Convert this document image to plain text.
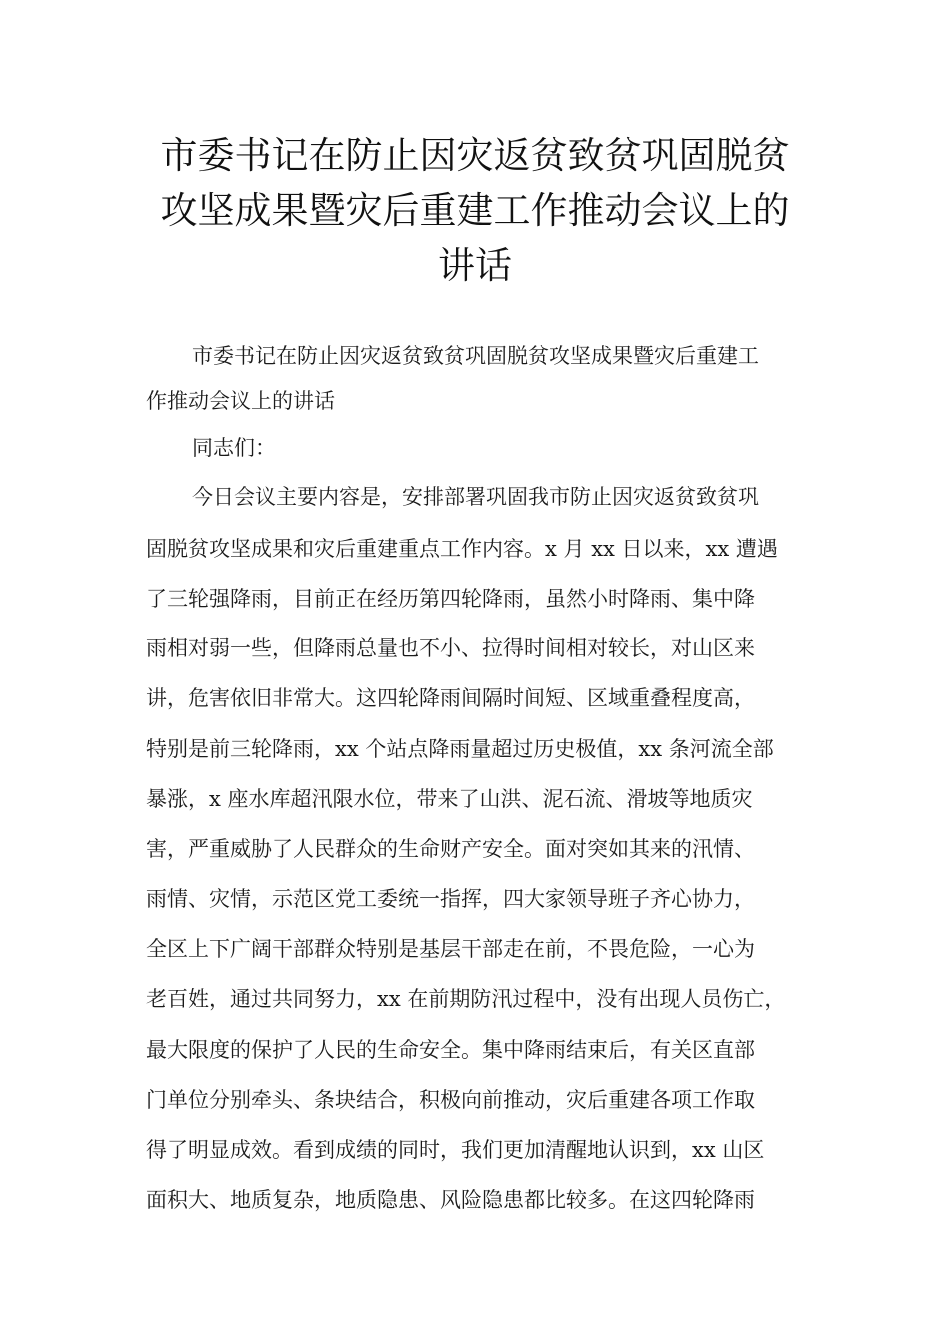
市委书记在防止因灾返贫致贫巩固脱贫
攻坚成果暨灾后重建工作推动会议上的
讲话
市委书记在防止因灾返贫致贫巩固脱贫攻坚成果暨灾后重建工
作推动会议上的讲话
同志们：
今日会议主要内容是，安排部署巩固我市防止因灾返贫致贫巩
固脱贫攻坚成果和灾后重建重点工作内容。x 月 xx 日以来，xx 遭遇
了三轮强降雨，目前正在经历第四轮降雨，虽然小时降雨、集中降
雨相对弱一些，但降雨总量也不小、拉得时间相对较长，对山区来
讲，危害依旧非常大。这四轮降雨间隔时间短、区域重叠程度高，
特别是前三轮降雨，xx 个站点降雨量超过历史极值，xx 条河流全部
暴涨，x 座水库超汛限水位，带来了山洪、泥石流、滑坡等地质灾
害，严重威胁了人民群众的生命财产安全。面对突如其来的汛情、
雨情、灾情，示范区党工委统一指挥，四大家领导班子齐心协力，
全区上下广阔干部群众特别是基层干部走在前，不畏危险，一心为
老百姓，通过共同努力，xx 在前期防汛过程中，没有出现人员伤亡，
最大限度的保护了人民的生命安全。集中降雨结束后，有关区直部
门单位分别牵头、条块结合，积极向前推动，灾后重建各项工作取
得了明显成效。看到成绩的同时，我们更加清醒地认识到，xx 山区
面积大、地质复杂，地质隐患、风险隐患都比较多。在这四轮降雨
